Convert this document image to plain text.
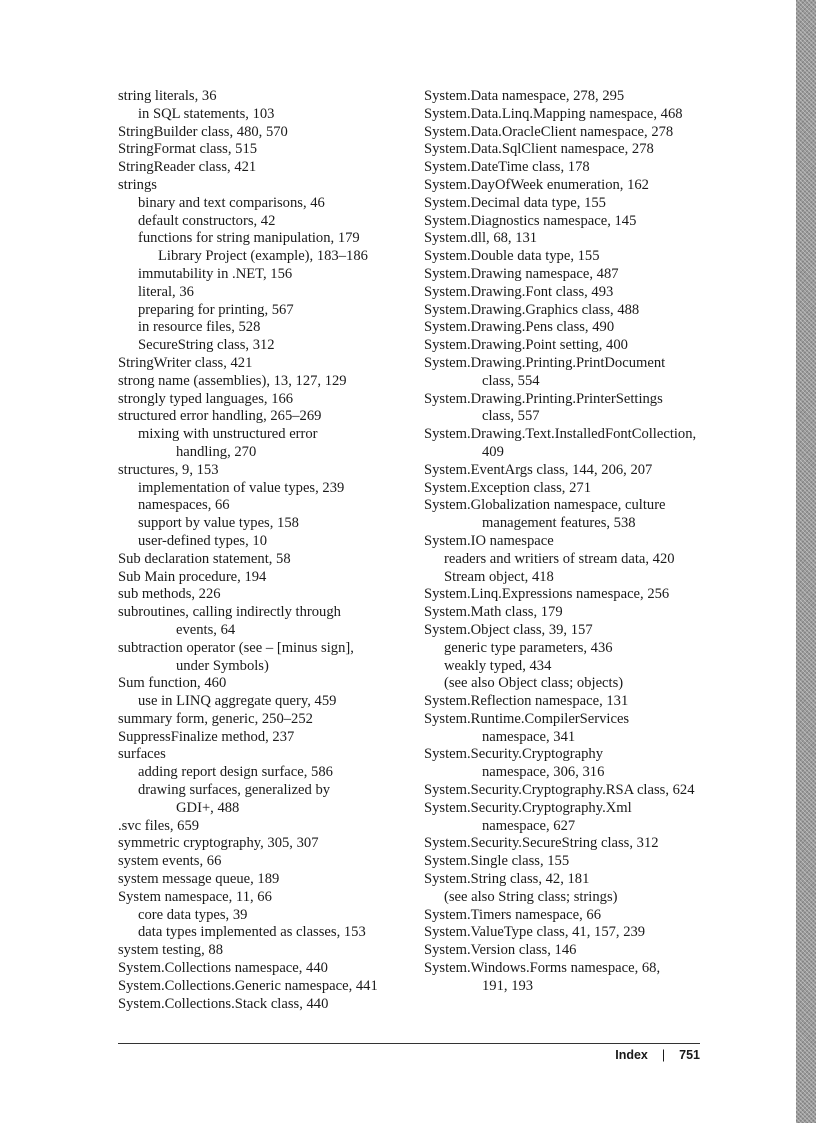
string literals, 36
in SQL statements, 103
StringBuilder class, 480, 570
StringFormat class, 515
StringReader class, 421
strings
binary and text comparisons, 46
default constructors, 42
functions for string manipulation, 179
Library Project (example), 183–186
immutability in .NET, 156
literal, 36
preparing for printing, 567
in resource files, 528
SecureString class, 312
StringWriter class, 421
strong name (assemblies), 13, 127, 129
strongly typed languages, 166
structured error handling, 265–269
mixing with unstructured error
handling, 270
structures, 9, 153
implementation of value types, 239
namespaces, 66
support by value types, 158
user-defined types, 10
Sub declaration statement, 58
Sub Main procedure, 194
sub methods, 226
subroutines, calling indirectly through
events, 64
subtraction operator (see – [minus sign],
under Symbols)
Sum function, 460
use in LINQ aggregate query, 459
summary form, generic, 250–252
SuppressFinalize method, 237
surfaces
adding report design surface, 586
drawing surfaces, generalized by
GDI+, 488
.svc files, 659
symmetric cryptography, 305, 307
system events, 66
system message queue, 189
System namespace, 11, 66
core data types, 39
data types implemented as classes, 153
system testing, 88
System.Collections namespace, 440
System.Collections.Generic namespace, 441
System.Collections.Stack class, 440
System.Data namespace, 278, 295
System.Data.Linq.Mapping namespace, 468
System.Data.OracleClient namespace, 278
System.Data.SqlClient namespace, 278
System.DateTime class, 178
System.DayOfWeek enumeration, 162
System.Decimal data type, 155
System.Diagnostics namespace, 145
System.dll, 68, 131
System.Double data type, 155
System.Drawing namespace, 487
System.Drawing.Font class, 493
System.Drawing.Graphics class, 488
System.Drawing.Pens class, 490
System.Drawing.Point setting, 400
System.Drawing.Printing.PrintDocument
class, 554
System.Drawing.Printing.PrinterSettings
class, 557
System.Drawing.Text.InstalledFontCollection,
409
System.EventArgs class, 144, 206, 207
System.Exception class, 271
System.Globalization namespace, culture
management features, 538
System.IO namespace
readers and writiers of stream data, 420
Stream object, 418
System.Linq.Expressions namespace, 256
System.Math class, 179
System.Object class, 39, 157
generic type parameters, 436
weakly typed, 434
(see also Object class; objects)
System.Reflection namespace, 131
System.Runtime.CompilerServices
namespace, 341
System.Security.Cryptography
namespace, 306, 316
System.Security.Cryptography.RSA class, 624
System.Security.Cryptography.Xml
namespace, 627
System.Security.SecureString class, 312
System.Single class, 155
System.String class, 42, 181
(see also String class; strings)
System.Timers namespace, 66
System.ValueType class, 41, 157, 239
System.Version class, 146
System.Windows.Forms namespace, 68,
191, 193
Index | 751
